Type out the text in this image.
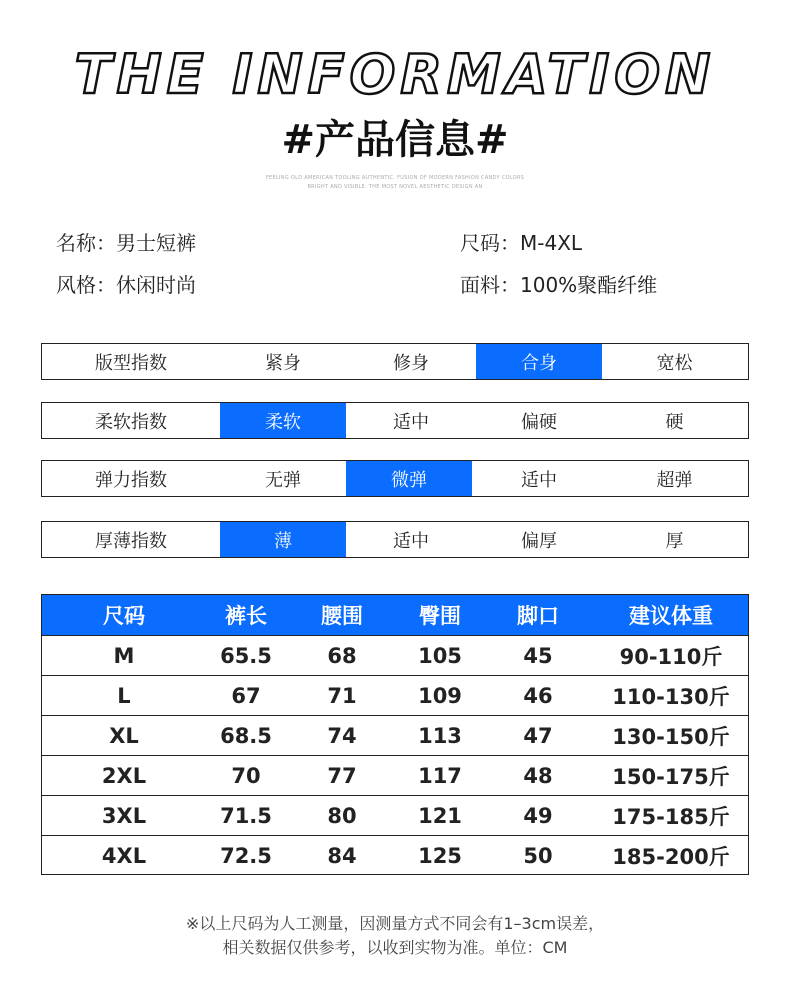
THE INFORMATION
#产品信息#
FEELING OLD AMERICAN TOOLING AUTHENTIC. FUSION OF MODERN FASHION CANDY COLORS
BRIGHT AND VISIBLE. THE MOST NOVEL AESTHETIC DESIGN AN
名称：男士短裤	尺码：M-4XL
风格：休闲时尚	面料：100%聚酯纤维
版型指数	紧身	修身	合身	宽松
柔软指数	柔软	适中	偏硬	硬
弹力指数	无弹	微弹	适中	超弹
厚薄指数	薄	适中	偏厚	厚
尺码	裤长	腰围	臀围	脚口	建议体重
M	65.5	68	105	45	90-110斤
L	67	71	109	46	110-130斤
XL	68.5	74	113	47	130-150斤
2XL	70	77	117	48	150-175斤
3XL	71.5	80	121	49	175-185斤
4XL	72.5	84	125	50	185-200斤
※以上尺码为人工测量，因测量方式不同会有1–3cm误差，
相关数据仅供参考，以收到实物为准。单位：CM
